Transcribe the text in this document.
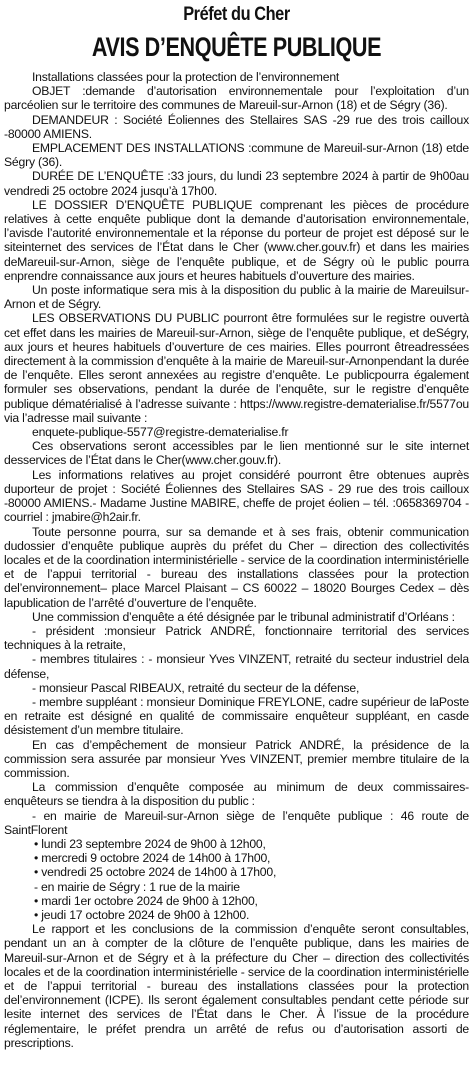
Préfet du Cher
AVIS D’ENQUÊTE PUBLIQUE

Installations classées pour la protection de l’environnement

OBJET :demande d’autorisation environnementale pour l’exploitation d’un parcéolien sur le territoire des communes de Mareuil-sur-Arnon (18) et de Ségry (36).

DEMANDEUR : Société Éoliennes des Stellaires SAS -29 rue des trois cailloux -80000 AMIENS.

EMPLACEMENT DES INSTALLATIONS :commune de Mareuil-sur-Arnon (18) etde Ségry (36).

DURÉE DE L’ENQUÊTE :33 jours, du lundi 23 septembre 2024 à partir de 9h00au vendredi 25 octobre 2024 jusqu’à 17h00.

LE DOSSIER D’ENQUÊTE PUBLIQUE comprenant les pièces de procédure relatives à cette enquête publique dont la demande d’autorisation environnementale, l’avisde l’autorité environnementale et la réponse du porteur de projet est déposé sur le siteinternet des services de l’État dans le Cher (www.cher.gouv.fr) et dans les mairies deMareuil-sur-Arnon, siège de l’enquête publique, et de Ségry où le public pourra enprendre connaissance aux jours et heures habituels d’ouverture des mairies.

Un poste informatique sera mis à la disposition du public à la mairie de Mareuilsur-Arnon et de Ségry.

LES OBSERVATIONS DU PUBLIC pourront être formulées sur le registre ouvertà cet effet dans les mairies de Mareuil-sur-Arnon, siège de l’enquête publique, et deSégry, aux jours et heures habituels d’ouverture de ces mairies. Elles pourront êtreadressées directement à la commission d’enquête à la mairie de Mareuil-sur-Arnonpendant la durée de l’enquête. Elles seront annexées au registre d’enquête. Le publicpourra également formuler ses observations, pendant la durée de l’enquête, sur le registre d’enquête publique dématérialisé à l’adresse suivante : https://www.registre-dematerialise.fr/5577ou via l’adresse mail suivante :

enquete-publique-5577@registre-dematerialise.fr

Ces observations seront accessibles par le lien mentionné sur le site internet desservices de l’État dans le Cher(www.cher.gouv.fr).

Les informations relatives au projet considéré pourront être obtenues auprès duporteur de projet : Société Éoliennes des Stellaires SAS - 29 rue des trois cailloux -80000 AMIENS.- Madame Justine MABIRE, cheffe de projet éolien – tél. :0658369704 - courriel : jmabire@h2air.fr.

Toute personne pourra, sur sa demande et à ses frais, obtenir communication dudossier d’enquête publique auprès du préfet du Cher – direction des collectivités locales et de la coordination interministérielle - service de la coordination interministérielle et de l’appui territorial - bureau des installations classées pour la protection del’environnement– place Marcel Plaisant – CS 60022 – 18020 Bourges Cedex – dès lapublication de l’arrêté d’ouverture de l’enquête.

Une commission d’enquête a été désignée par le tribunal administratif d’Orléans :

- président :monsieur Patrick ANDRÉ, fonctionnaire territorial des services techniques à la retraite,

- membres titulaires : - monsieur Yves VINZENT, retraité du secteur industriel dela défense,

- monsieur Pascal RIBEAUX, retraité du secteur de la défense,

- membre suppléant : monsieur Dominique FREYLONE, cadre supérieur de laPoste en retraite est désigné en qualité de commissaire enquêteur suppléant, en casde désistement d’un membre titulaire.

En cas d’empêchement de monsieur Patrick ANDRÉ, la présidence de la commission sera assurée par monsieur Yves VINZENT, premier membre titulaire de la commission.

La commission d’enquête composée au minimum de deux commissaires-enquêteurs se tiendra à la disposition du public :

- en mairie de Mareuil-sur-Arnon siège de l’enquête publique : 46 route de SaintFlorent

• lundi 23 septembre 2024 de 9h00 à 12h00,

• mercredi 9 octobre 2024 de 14h00 à 17h00,

• vendredi 25 octobre 2024 de 14h00 à 17h00,

- en mairie de Ségry : 1 rue de la mairie

• mardi 1er octobre 2024 de 9h00 à 12h00,

• jeudi 17 octobre 2024 de 9h00 à 12h00.

Le rapport et les conclusions de la commission d’enquête seront consultables, pendant un an à compter de la clôture de l’enquête publique, dans les mairies de Mareuil-sur-Arnon et de Ségry et à la préfecture du Cher – direction des collectivités locales et de la coordination interministérielle - service de la coordination interministérielle et de l’appui territorial - bureau des installations classées pour la protection del’environnement (ICPE). Ils seront également consultables pendant cette période sur lesite internet des services de l’État dans le Cher. À l’issue de la procédure réglementaire, le préfet prendra un arrêté de refus ou d’autorisation assorti de prescriptions.
